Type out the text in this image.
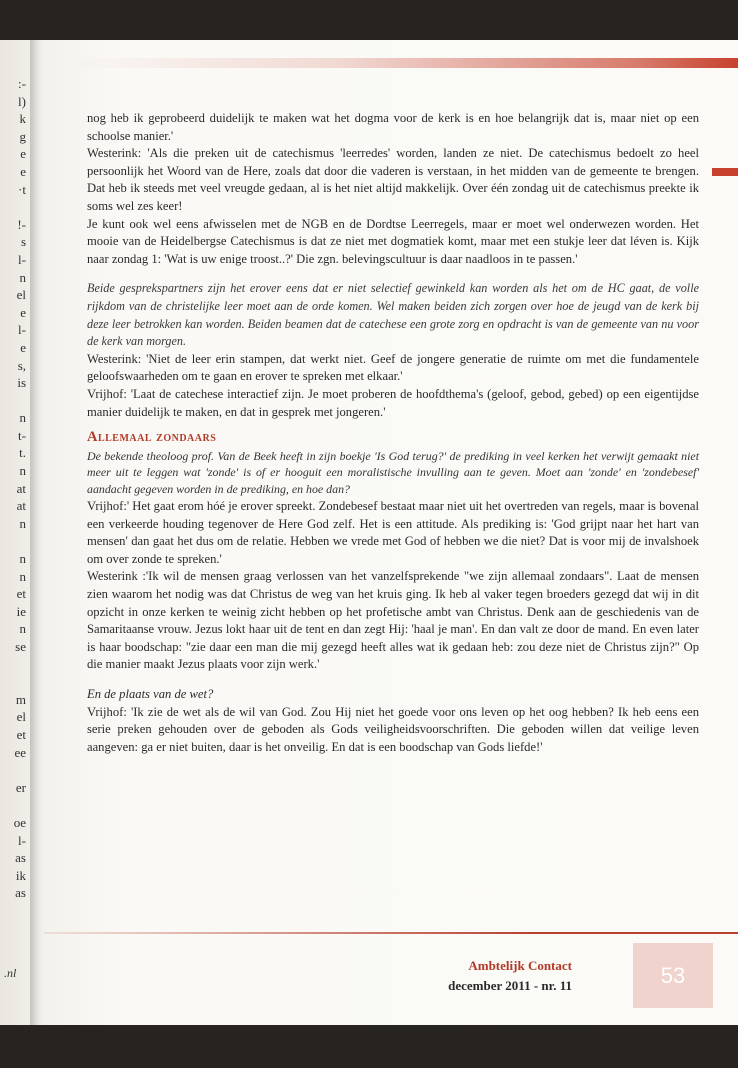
:-
l)
k
g
e
e
·t
!-
s
l-
n
el
e
l-
e
s,
is
n
t-
t.
n
at
at
n
n
n
et
ie
n
se
m
el
et
ee
er
oe
l-
as
ik
as
.nl

nog heb ik geprobeerd duidelijk te maken wat het dogma voor de kerk is en hoe belangrijk dat is, maar niet op een schoolse manier.'

Westerink: 'Als die preken uit de catechismus 'leerredes' worden, landen ze niet. De catechismus bedoelt zo heel persoonlijk het Woord van de Here, zoals dat door die vaderen is verstaan, in het midden van de gemeente te brengen. Dat heb ik steeds met veel vreugde gedaan, al is het niet altijd makkelijk. Over één zondag uit de catechismus preekte ik soms wel zes keer!

Je kunt ook wel eens afwisselen met de NGB en de Dordtse Leerregels, maar er moet wel onderwezen worden. Het mooie van de Heidelbergse Catechismus is dat ze niet met dogmatiek komt, maar met een stukje leer dat léven is. Kijk naar zondag 1: 'Wat is uw enige troost..?' Die zgn. belevingscultuur is daar naadloos in te passen.'

Beide gesprekspartners zijn het erover eens dat er niet selectief gewinkeld kan worden als het om de HC gaat, de volle rijkdom van de christelijke leer moet aan de orde komen. Wel maken beiden zich zorgen over hoe de jeugd van de kerk bij deze leer betrokken kan worden. Beiden beamen dat de catechese een grote zorg en opdracht is van de gemeente van nu voor de kerk van morgen.

Westerink: 'Niet de leer erin stampen, dat werkt niet. Geef de jongere generatie de ruimte om met die fundamentele geloofswaarheden om te gaan en erover te spreken met elkaar.'

Vrijhof: 'Laat de catechese interactief zijn. Je moet proberen de hoofdthema's (geloof, gebod, gebed) op een eigentijdse manier duidelijk te maken, en dat in gesprek met jongeren.'

Allemaal zondaars

De bekende theoloog prof. Van de Beek heeft in zijn boekje 'Is God terug?' de prediking in veel kerken het verwijt gemaakt niet meer uit te leggen wat 'zonde' is of er hooguit een moralistische invulling aan te geven. Moet aan 'zonde' en 'zondebesef' aandacht gegeven worden in de prediking, en hoe dan?

Vrijhof:' Het gaat erom hóé je erover spreekt. Zondebesef bestaat maar niet uit het overtreden van regels, maar is bovenal een verkeerde houding tegenover de Here God zelf. Het is een attitude. Als prediking is: 'God grijpt naar het hart van mensen' dan gaat het dus om de relatie. Hebben we vrede met God of hebben we die niet? Dat is voor mij de invalshoek om over zonde te spreken.'

Westerink :'Ik wil de mensen graag verlossen van het vanzelfsprekende "we zijn allemaal zondaars". Laat de mensen zien waarom het nodig was dat Christus de weg van het kruis ging. Ik heb al vaker tegen broeders gezegd dat wij in dit opzicht in onze kerken te weinig zicht hebben op het profetische ambt van Christus. Denk aan de geschiedenis van de Samaritaanse vrouw. Jezus lokt haar uit de tent en dan zegt Hij: 'haal je man'. En dan valt ze door de mand. En even later is haar boodschap: "zie daar een man die mij gezegd heeft alles wat ik gedaan heb: zou deze niet de Christus zijn?" Op die manier maakt Jezus plaats voor zijn werk.'

En de plaats van de wet?

Vrijhof: 'Ik zie de wet als de wil van God. Zou Hij niet het goede voor ons leven op het oog hebben? Ik heb eens een serie preken gehouden over de geboden als Gods veiligheidsvoorschriften. Die geboden willen dat veilige leven aangeven: ga er niet buiten, daar is het onveilig. En dat is een boodschap van Gods liefde!'

Ambtelijk Contact
december 2011 - nr. 11	53
